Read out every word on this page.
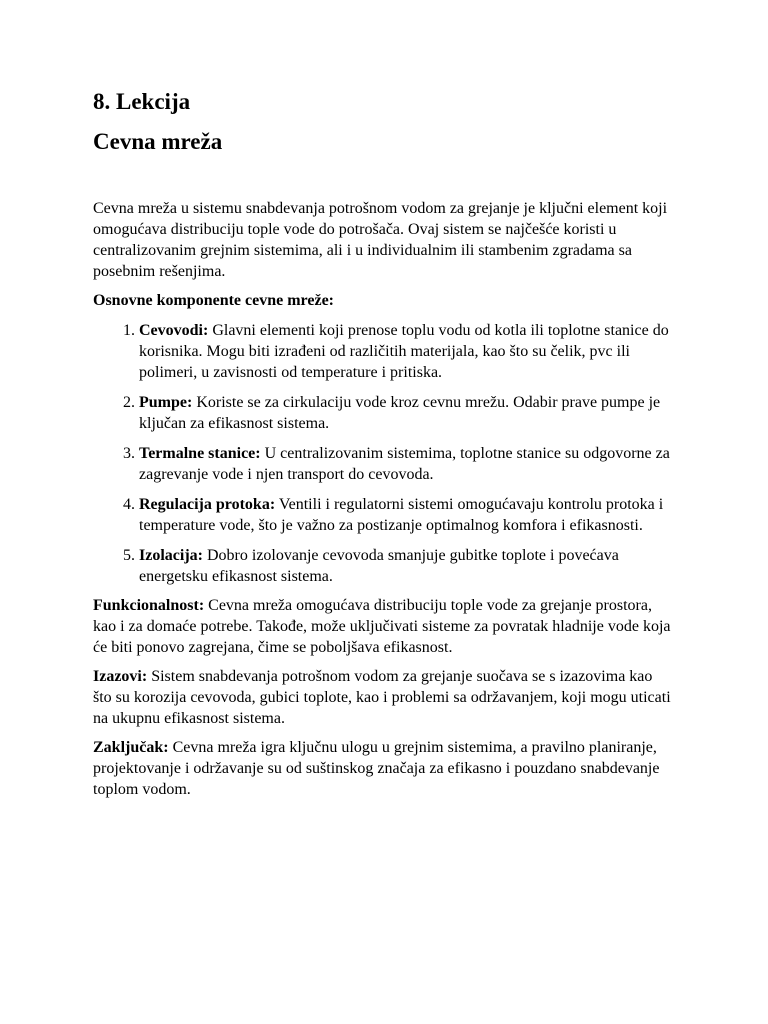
8. Lekcija
Cevna mreža

Cevna mreža u sistemu snabdevanja potrošnom vodom za grejanje je ključni element koji omogućava distribuciju tople vode do potrošača. Ovaj sistem se najčešće koristi u centralizovanim grejnim sistemima, ali i u individualnim ili stambenim zgradama sa posebnim rešenjima.

Osnovne komponente cevne mreže:

1. Cevovodi: Glavni elementi koji prenose toplu vodu od kotla ili toplotne stanice do korisnika. Mogu biti izrađeni od različitih materijala, kao što su čelik, pvc ili polimeri, u zavisnosti od temperature i pritiska.
2. Pumpe: Koriste se za cirkulaciju vode kroz cevnu mrežu. Odabir prave pumpe je ključan za efikasnost sistema.
3. Termalne stanice: U centralizovanim sistemima, toplotne stanice su odgovorne za zagrevanje vode i njen transport do cevovoda.
4. Regulacija protoka: Ventili i regulatorni sistemi omogućavaju kontrolu protoka i temperature vode, što je važno za postizanje optimalnog komfora i efikasnosti.
5. Izolacija: Dobro izolovanje cevovoda smanjuje gubitke toplote i povećava energetsku efikasnost sistema.

Funkcionalnost: Cevna mreža omogućava distribuciju tople vode za grejanje prostora, kao i za domaće potrebe. Takođe, može uključivati sisteme za povratak hladnije vode koja će biti ponovo zagrejana, čime se poboljšava efikasnost.

Izazovi: Sistem snabdevanja potrošnom vodom za grejanje suočava se s izazovima kao što su korozija cevovoda, gubici toplote, kao i problemi sa održavanjem, koji mogu uticati na ukupnu efikasnost sistema.

Zaključak: Cevna mreža igra ključnu ulogu u grejnim sistemima, a pravilno planiranje, projektovanje i održavanje su od suštinskog značaja za efikasno i pouzdano snabdevanje toplom vodom.
